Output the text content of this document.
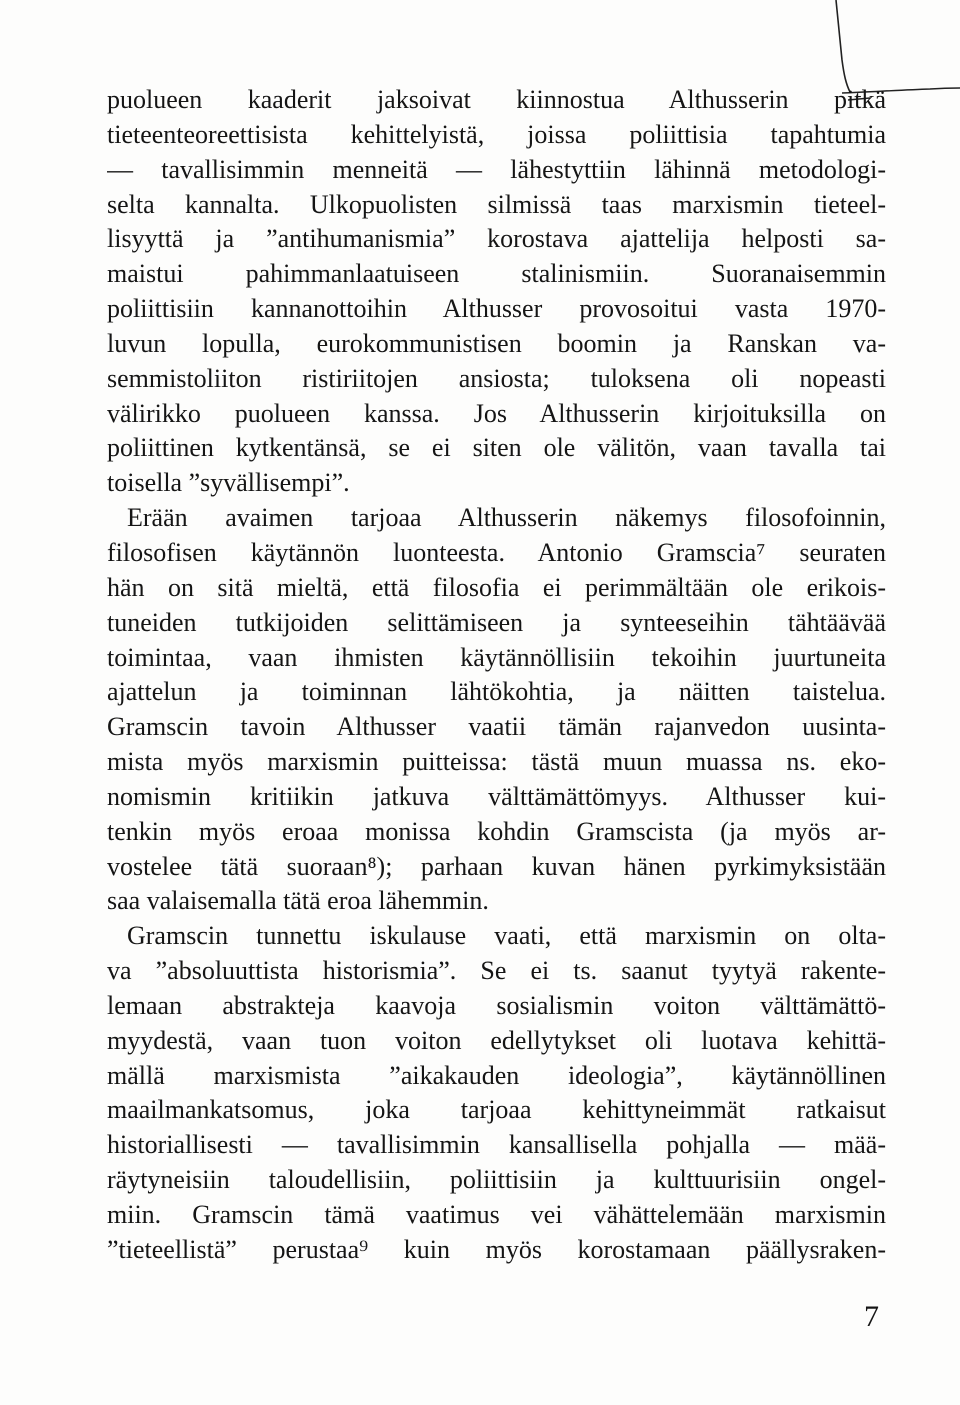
puolueen kaaderit jaksoivat kiinnostua Althusserin pitkä
tieteenteoreettisista kehittelyistä, joissa poliittisia tapahtumia
— tavallisimmin menneitä — lähestyttiin lähinnä metodologi-
selta kannalta. Ulkopuolisten silmissä taas marxismin tieteel-
lisyyttä ja ”antihumanismia” korostava ajattelija helposti sa-
maistui pahimmanlaatuiseen stalinismiin. Suoranaisemmin
poliittisiin kannanottoihin Althusser provosoitui vasta 1970-
luvun lopulla, eurokommunistisen boomin ja Ranskan va-
semmistoliiton ristiriitojen ansiosta; tuloksena oli nopeasti
välirikko puolueen kanssa. Jos Althusserin kirjoituksilla on
poliittinen kytkentänsä, se ei siten ole välitön, vaan tavalla tai
toisella ”syvällisempi”.
Erään avaimen tarjoaa Althusserin näkemys filosofoinnin,
filosofisen käytännön luonteesta. Antonio Gramscia⁷ seuraten
hän on sitä mieltä, että filosofia ei perimmältään ole erikois-
tuneiden tutkijoiden selittämiseen ja synteeseihin tähtäävää
toimintaa, vaan ihmisten käytännöllisiin tekoihin juurtuneita
ajattelun ja toiminnan lähtökohtia, ja näitten taistelua.
Gramscin tavoin Althusser vaatii tämän rajanvedon uusinta-
mista myös marxismin puitteissa: tästä muun muassa ns. eko-
nomismin kritiikin jatkuva välttämättömyys. Althusser kui-
tenkin myös eroaa monissa kohdin Gramscista (ja myös ar-
vostelee tätä suoraan⁸); parhaan kuvan hänen pyrkimyksistään
saa valaisemalla tätä eroa lähemmin.
Gramscin tunnettu iskulause vaati, että marxismin on olta-
va ”absoluuttista historismia”. Se ei ts. saanut tyytyä rakente-
lemaan abstrakteja kaavoja sosialismin voiton välttämättö-
myydestä, vaan tuon voiton edellytykset oli luotava kehittä-
mällä marxismista ”aikakauden ideologia”, käytännöllinen
maailmankatsomus, joka tarjoaa kehittyneimmät ratkaisut
historiallisesti — tavallisimmin kansallisella pohjalla — mää-
räytyneisiin taloudellisiin, poliittisiin ja kulttuurisiin ongel-
miin. Gramscin tämä vaatimus vei vähättelemään marxismin
”tieteellistä” perustaa⁹ kuin myös korostamaan päällysraken-
7
